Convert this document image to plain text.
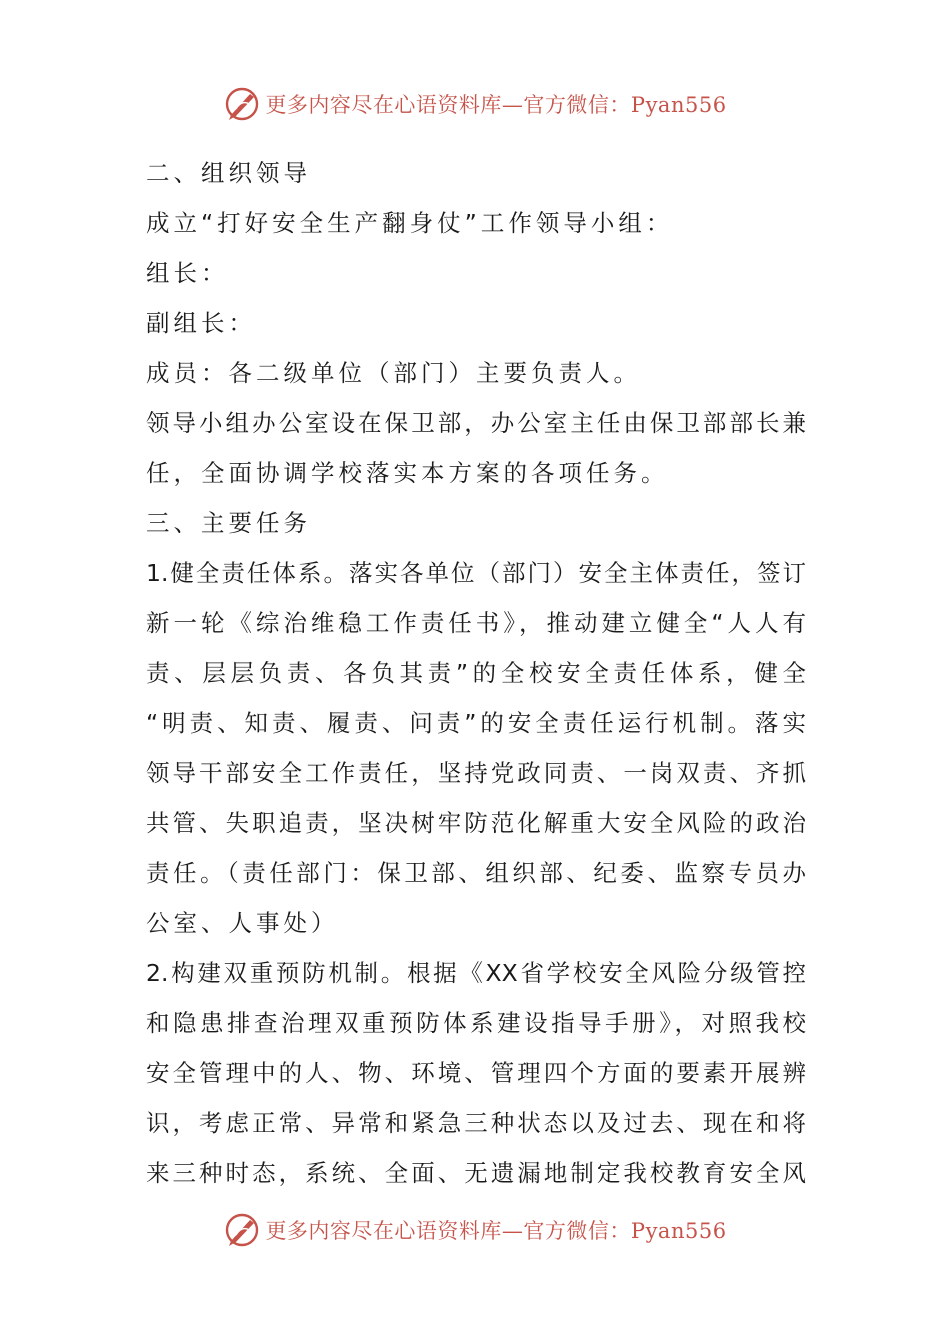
更多内容尽在心语资料库—官方微信：Pyan556
二、组织领导
成立“打好安全生产翻身仗”工作领导小组：
组长：
副组长：
成员：各二级单位（部门）主要负责人。
领导小组办公室设在保卫部，办公室主任由保卫部部长兼
任，全面协调学校落实本方案的各项任务。
三、主要任务
1.健全责任体系。落实各单位（部门）安全主体责任，签订
新一轮《综治维稳工作责任书》，推动建立健全“人人有
责、层层负责、各负其责”的全校安全责任体系，健全
“明责、知责、履责、问责”的安全责任运行机制。落实
领导干部安全工作责任，坚持党政同责、一岗双责、齐抓
共管、失职追责，坚决树牢防范化解重大安全风险的政治
责任。（责任部门：保卫部、组织部、纪委、监察专员办
公室、人事处）
2.构建双重预防机制。根据《XX省学校安全风险分级管控
和隐患排查治理双重预防体系建设指导手册》，对照我校
安全管理中的人、物、环境、管理四个方面的要素开展辨
识，考虑正常、异常和紧急三种状态以及过去、现在和将
来三种时态，系统、全面、无遗漏地制定我校教育安全风
更多内容尽在心语资料库—官方微信：Pyan556
